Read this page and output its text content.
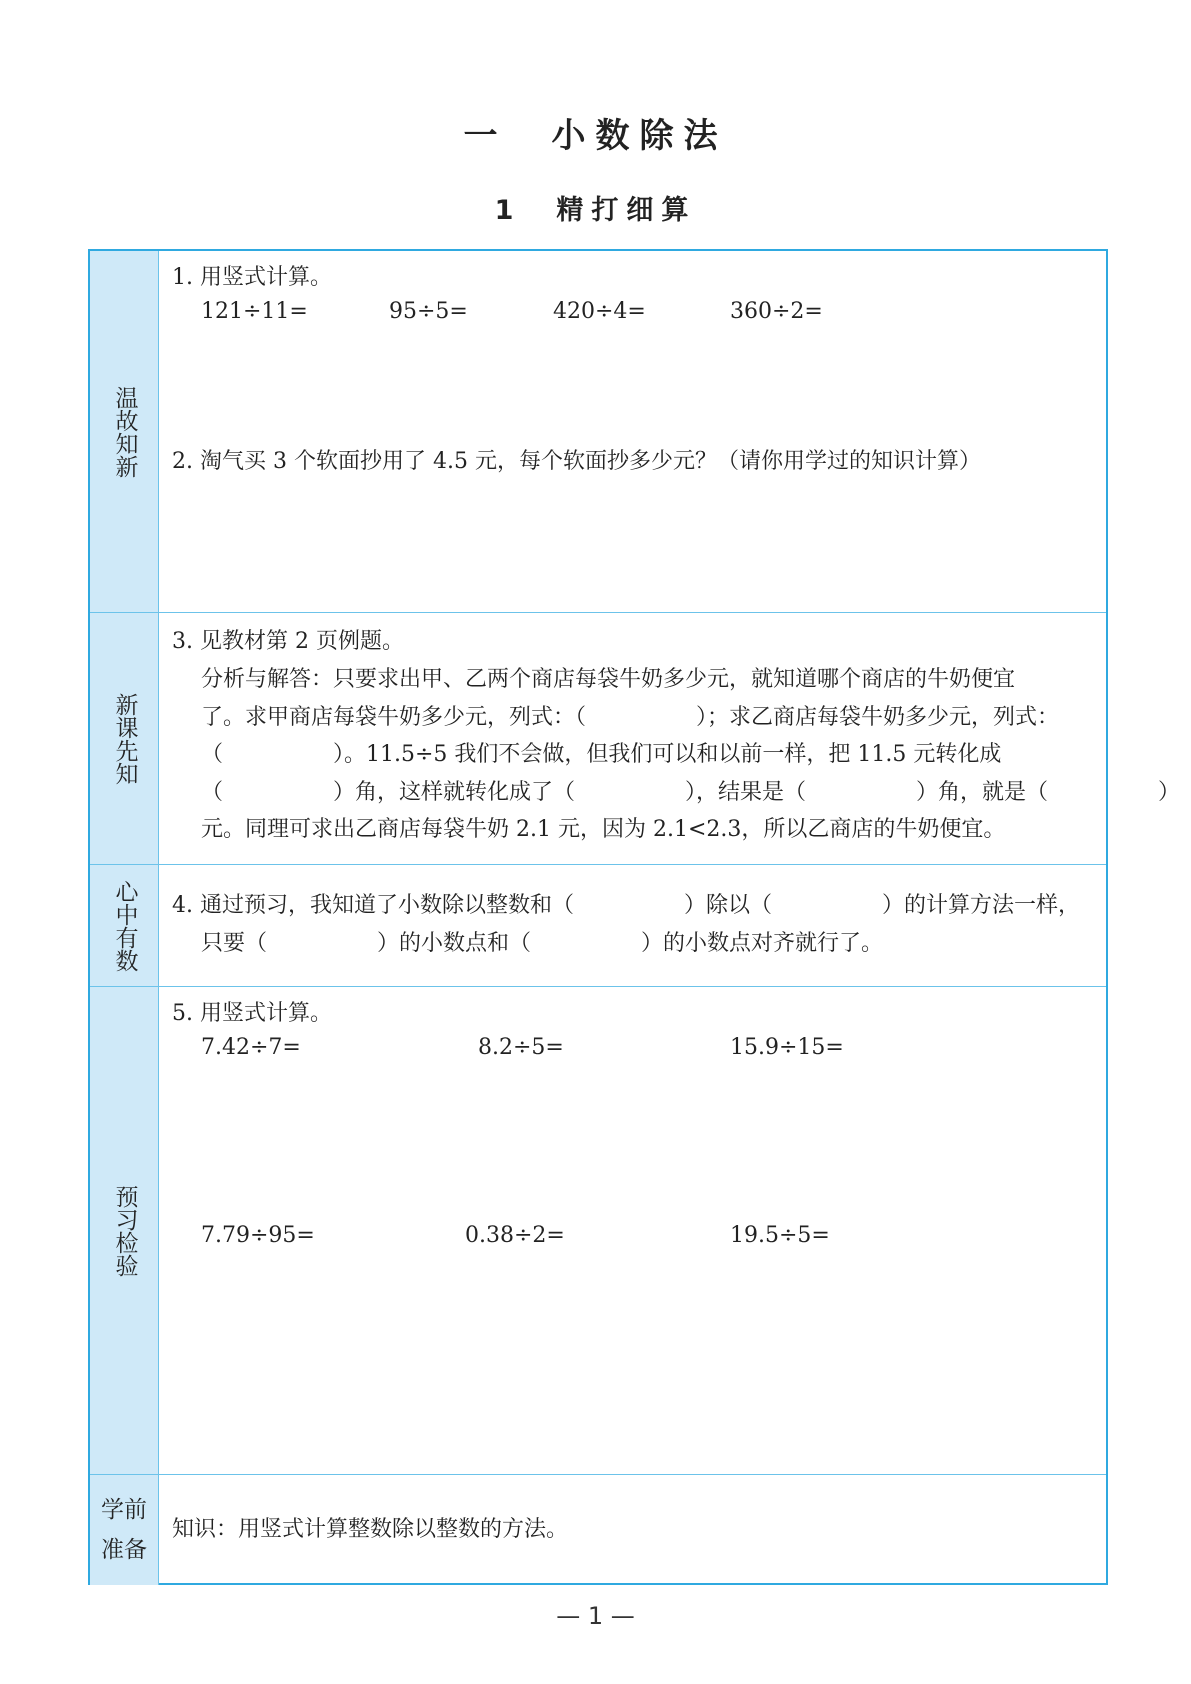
一　小数除法
1　精打细算
温故知新
1. 用竖式计算。
121÷11=	95÷5=	420÷4=	360÷2=
2. 淘气买 3 个软面抄用了 4.5 元，每个软面抄多少元？（请你用学过的知识计算）
新课先知
3. 见教材第 2 页例题。
分析与解答：只要求出甲、乙两个商店每袋牛奶多少元，就知道哪个商店的牛奶便宜
了。求甲商店每袋牛奶多少元，列式：（　　　　　）；求乙商店每袋牛奶多少元，列式：
（　　　　　）。11.5÷5 我们不会做，但我们可以和以前一样，把 11.5 元转化成
（　　　　　）角，这样就转化成了（　　　　　），结果是（　　　　　）角，就是（　　　　　）
元。同理可求出乙商店每袋牛奶 2.1 元，因为 2.1<2.3，所以乙商店的牛奶便宜。
心中有数 4. 通过预习，我知道了小数除以整数和（　　　　　）除以（　　　　　）的计算方法一样，
只要（　　　　　）的小数点和（　　　　　）的小数点对齐就行了。
预习检验
5. 用竖式计算。
7.42÷7=	8.2÷5=	15.9÷15=
7.79÷95=	0.38÷2=	19.5÷5=
学前准备
知识：用竖式计算整数除以整数的方法。
— 1 —
